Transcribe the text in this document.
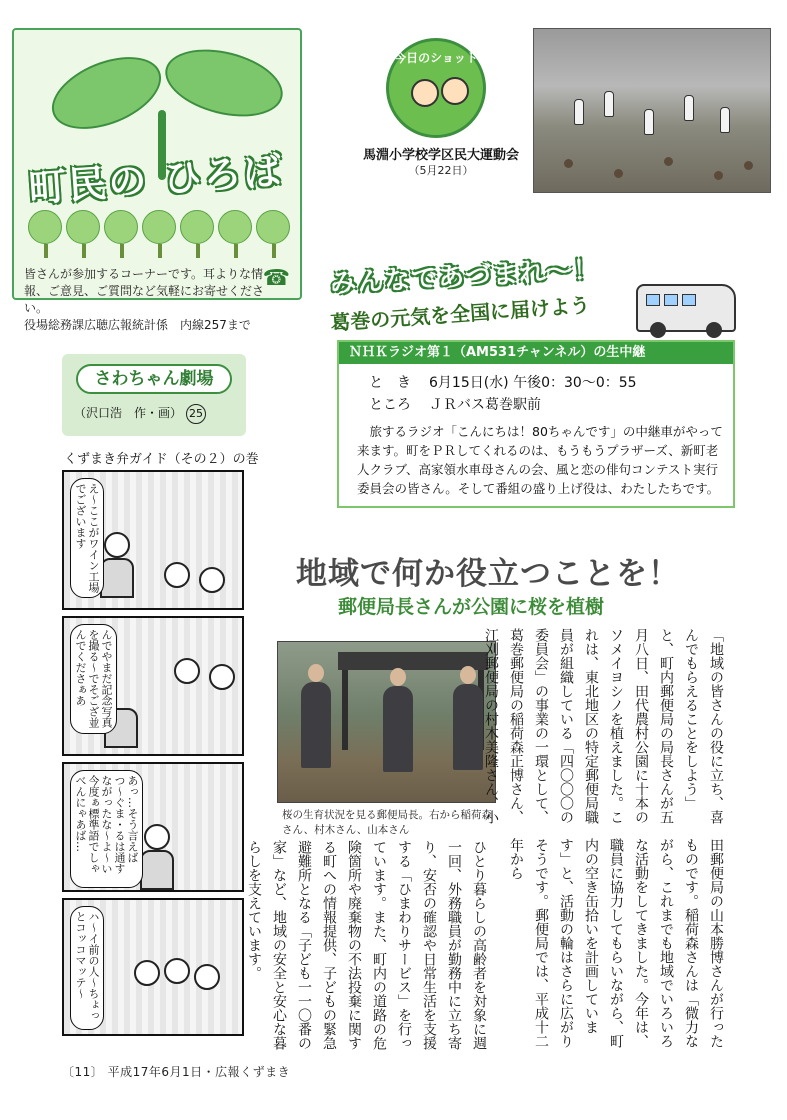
町民の ひろば
皆さんが参加するコーナーです。耳よりな情報、ご意見、ご質問など気軽にお寄せください。
役場総務課広聴広報統計係　内線257まで
☎
今日のショット
馬淵小学校学区民大運動会
（5月22日）
みんなであづまれ〜！
葛巻の元気を全国に届けよう
ＮＨＫラジオ第１（AM531チャンネル）の生中継
と　き 6月15日(水) 午後0：30〜0：55
ところ ＪＲバス葛巻駅前
旅するラジオ「こんにちは！80ちゃんです」の中継車がやって来ます。町をＰＲしてくれるのは、もうもうプラザーズ、新町老人クラブ、高家領水車母さんの会、風と恋の俳句コンテスト実行委員会の皆さん。そして番組の盛り上げ役は、わたしたちです。
さわちゃん劇場
（沢口浩　作・画） 25
くずまき弁ガイド（その２）の巻
え〜ここがワイン工場でございます
んでやまだ記念写真を撮る〜でそござ並んでくださぁあ
あっ…そう言えばつ〜ぐま・るは通すながったな〜よ〜い今度ぁ標準語でしゃべんにゃあば…
ハ〜イ前の人〜ちょっとコッコマッテ〜
地域で何か役立つことを！
郵便局長さんが公園に桜を植樹
桜の生育状況を見る郵便局長。右から稲荷森さん、村木さん、山本さん
「地域の皆さんの役に立ち、喜んでもらえることをしよう」と、町内郵便局の局長さんが五月八日、田代農村公園に十本のソメイヨシノを植えました。これは、東北地区の特定郵便局職員が組織している「四〇〇〇の委員会」の事業の一環として、葛巻郵便局の稲荷森正博さん、江刈郵便局の村木美隆さん、小
田郵便局の山本勝博さんが行ったものです。稲荷森さんは「微力ながら、これまでも地域でいろいろな活動をしてきました。今年は、職員に協力してもらいながら、町内の空き缶拾いを計画しています」と、活動の輪はさらに広がりそうです。郵便局では、平成十二年から
ひとり暮らしの高齢者を対象に週一回、外務職員が勤務中に立ち寄り、安否の確認や日常生活を支援する「ひまわりサービス」を行っています。また、町内の道路の危険箇所や廃棄物の不法投棄に関する町への情報提供、子どもの緊急避難所となる「子ども一一〇番の家」など、地域の安全と安心な暮らしを支えています。
〔11〕 平成17年6月1日・広報くずまき
